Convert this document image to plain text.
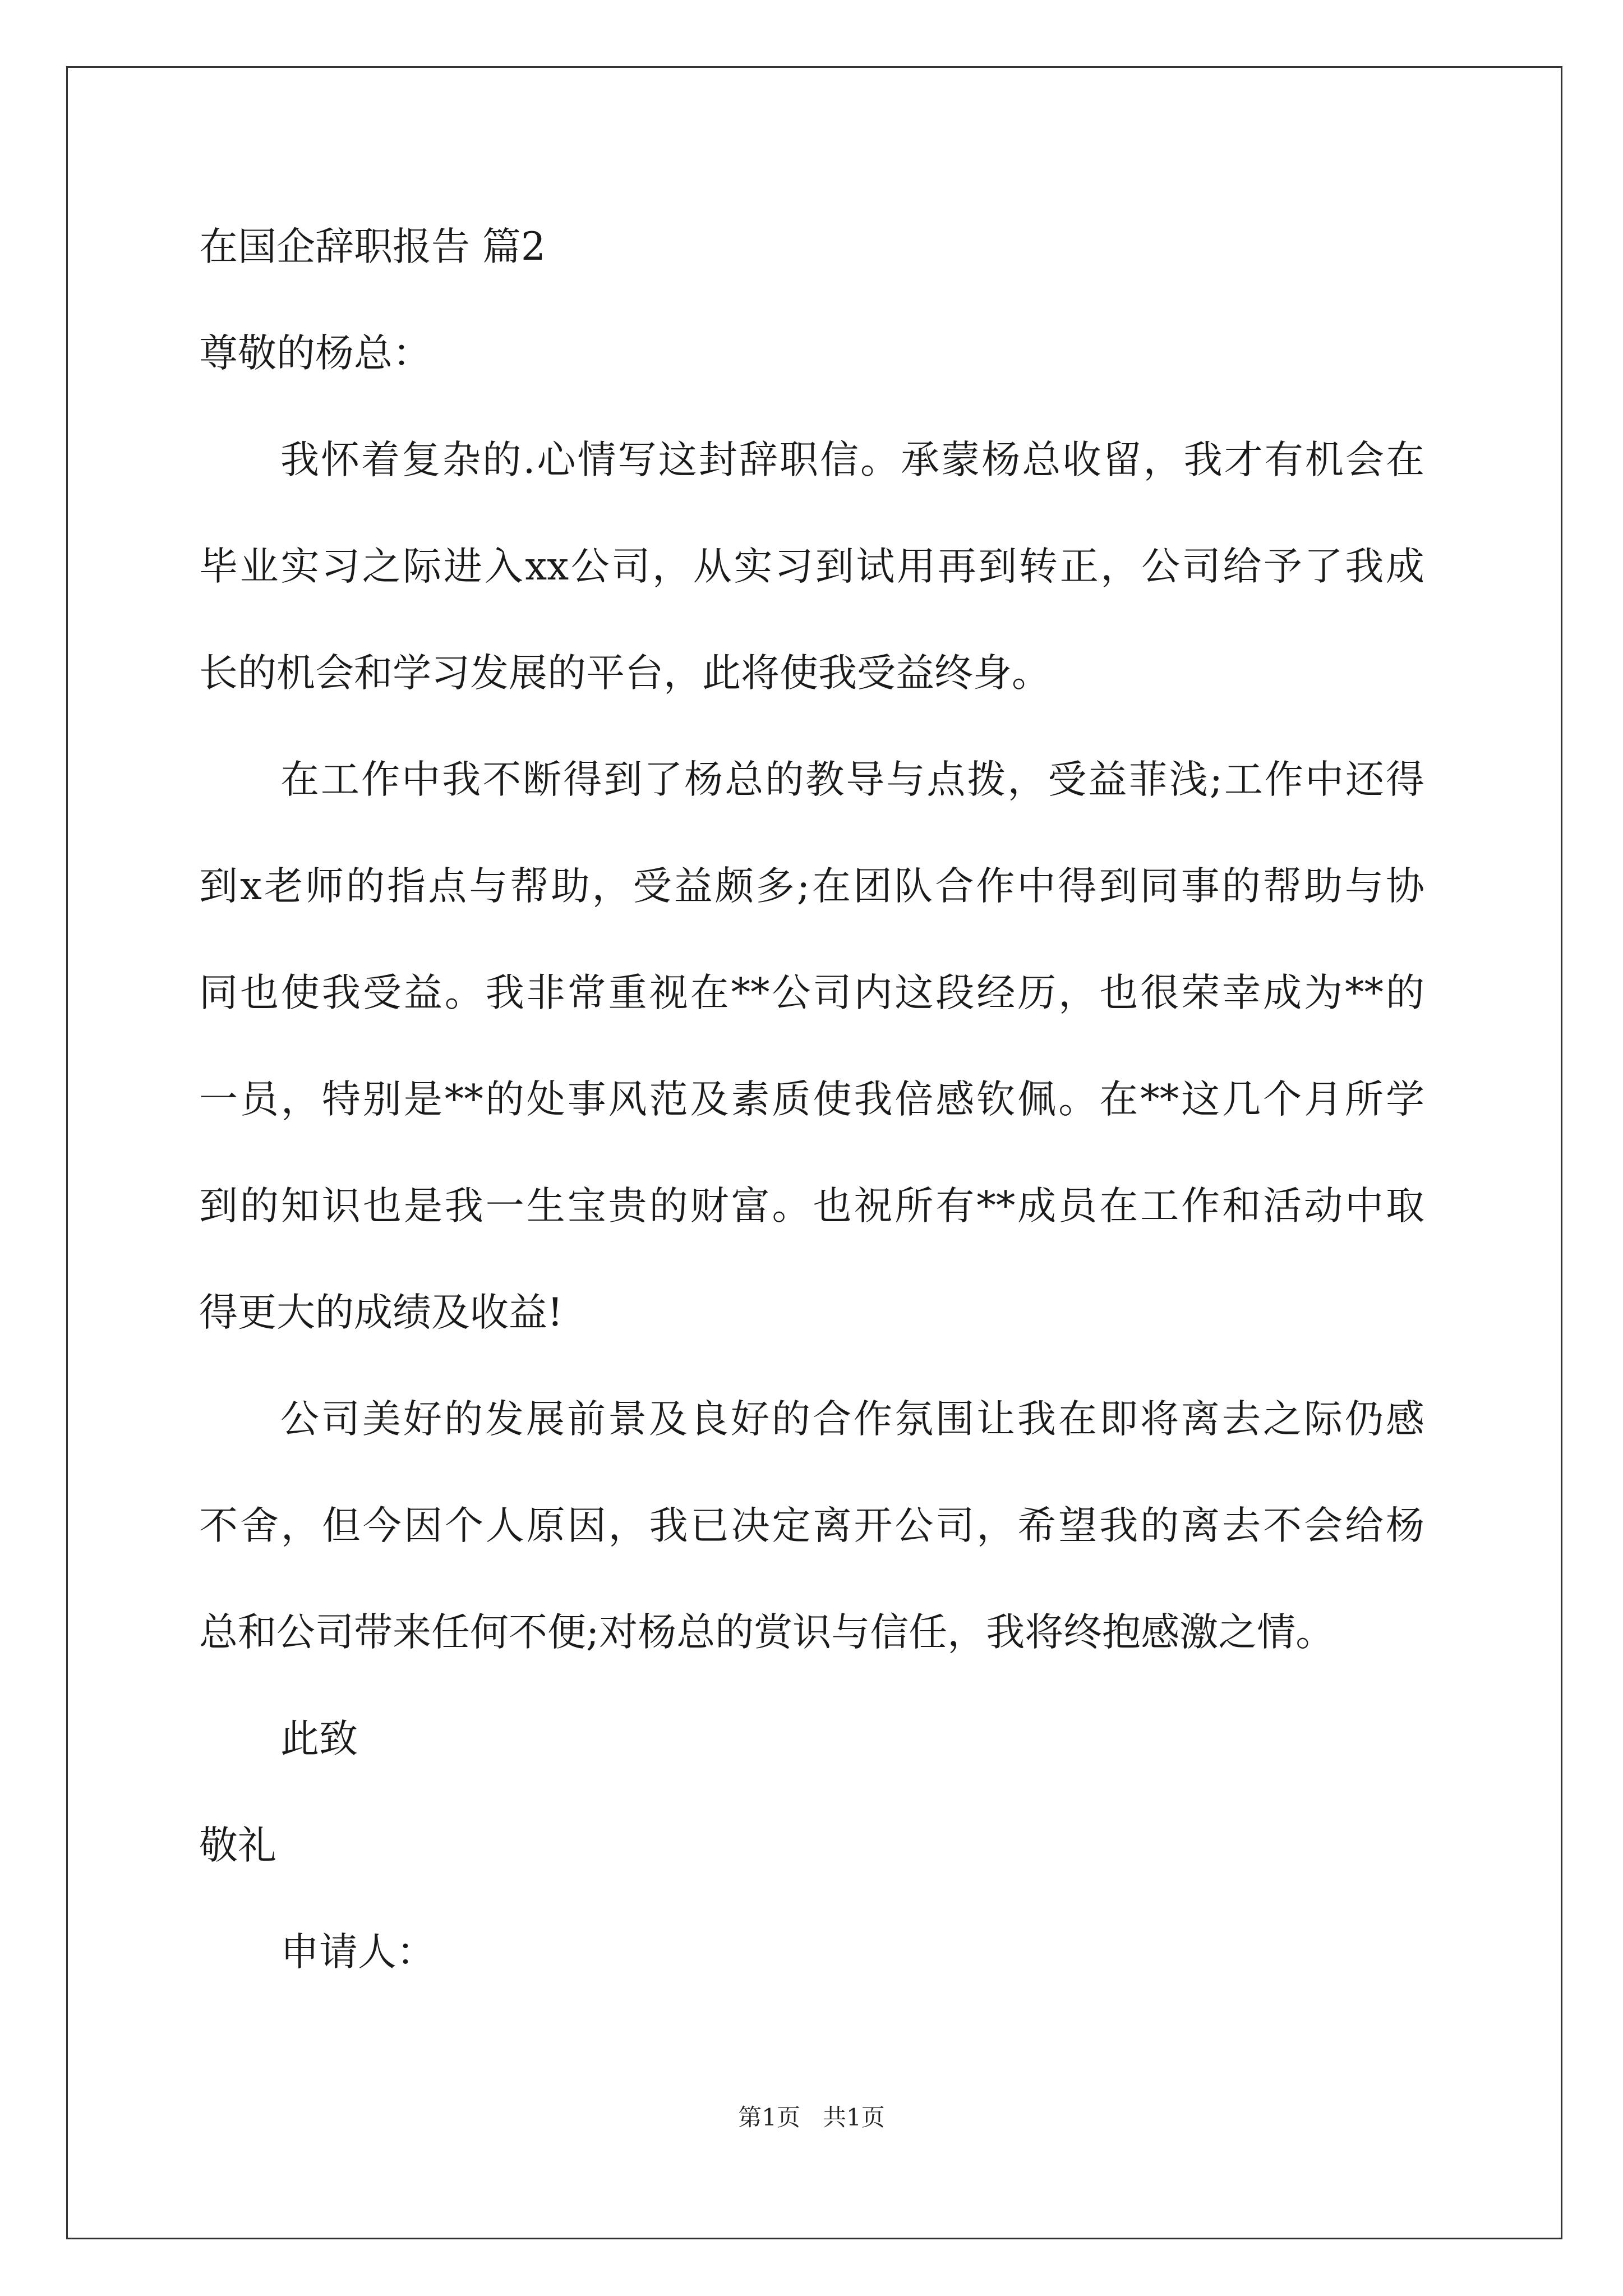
在国企辞职报告 篇2
尊敬的杨总：
我怀着复杂的.心情写这封辞职信。承蒙杨总收留，我才有机会在
毕业实习之际进入xx公司，从实习到试用再到转正，公司给予了我成
长的机会和学习发展的平台，此将使我受益终身。
在工作中我不断得到了杨总的教导与点拨，受益菲浅;工作中还得
到x老师的指点与帮助，受益颇多;在团队合作中得到同事的帮助与协
同也使我受益。我非常重视在**公司内这段经历，也很荣幸成为**的
一员，特别是**的处事风范及素质使我倍感钦佩。在**这几个月所学
到的知识也是我一生宝贵的财富。也祝所有**成员在工作和活动中取
得更大的成绩及收益!
公司美好的发展前景及良好的合作氛围让我在即将离去之际仍感
不舍，但今因个人原因，我已决定离开公司，希望我的离去不会给杨
总和公司带来任何不便;对杨总的赏识与信任，我将终抱感激之情。
此致
敬礼
申请人：
第1页   共1页
